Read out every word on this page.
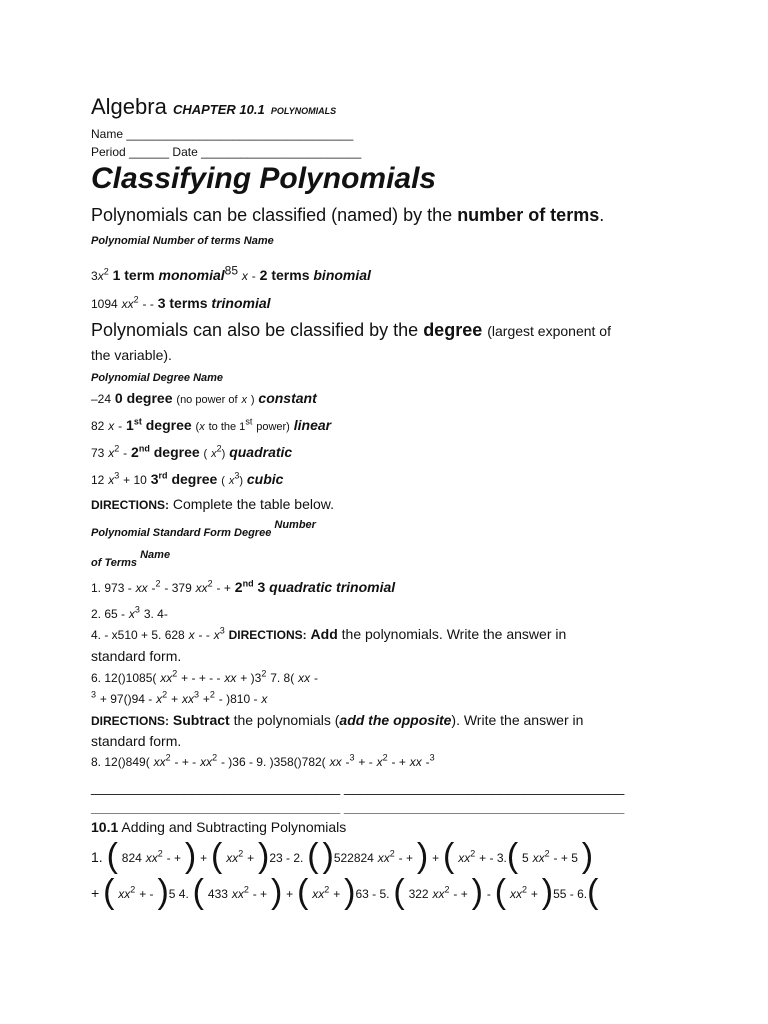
Algebra CHAPTER 10.1 POLYNOMIALS
Name __________________________________
Period ______ Date ________________________
Classifying Polynomials
Polynomials can be classified (named) by the number of terms.
Polynomial Number of terms Name
$3x^2$ 1 term monomial$^{85}$ x - 2 terms binomial
1094 $xx^2$ - - 3 terms trinomial
Polynomials can also be classified by the degree (largest exponent of
the variable).
Polynomial Degree Name
–24 0 degree (no power of x ) constant
82 x - 1st degree (x to the 1st power) linear
73 $x^2 - 2nd$ degree ( $x^2$) quadratic
12 $x^3 + 10$ 3rd degree ( $x^3$) cubic
DIRECTIONS: Complete the table below.
Polynomial Standard Form Degree Number
of Terms Name
1. 973 - xx -$^2$ - 379 $xx^2$ - + 2nd 3 quadratic trinomial
2. $65 - x^3$ 3. 4-
4. - x510 + 5. 628 x - - $x^3$ DIRECTIONS: Add the polynomials. Write the answer in
standard form.
6. 12()1085( $xx^2$ + - + - - xx + )$3^2$ 7. 8( xx -
$^3 + 97()94 - x^2 + xx^3 +^2 - )810 - x$
DIRECTIONS: Subtract the polynomials (add the opposite). Write the answer in
standard form.
8. 12()849( $xx^2$ - + - $xx^2 - )36 - 9$. )358()782( xx -$^3$ + - $x^2$ - + xx -$^3$
________________________________ ____________________________________
________________________________ ____________________________________
10.1 Adding and Subtracting Polynomials
1. ( 824 $xx^2$ - + ) + ( $xx^2 + )23 - 2$. ( )522824 $xx^2$ - + ) + ( $xx^2$ + - 3.( 5 $xx^2$ - + 5 )
+ ( $xx^2$ + - )5 4. ( 433 $xx^2$ - + ) + ( $xx^2 + )63 - 5$. ( 322 $xx^2$ - + ) - ( $xx^2 + )55 - 6$.(
